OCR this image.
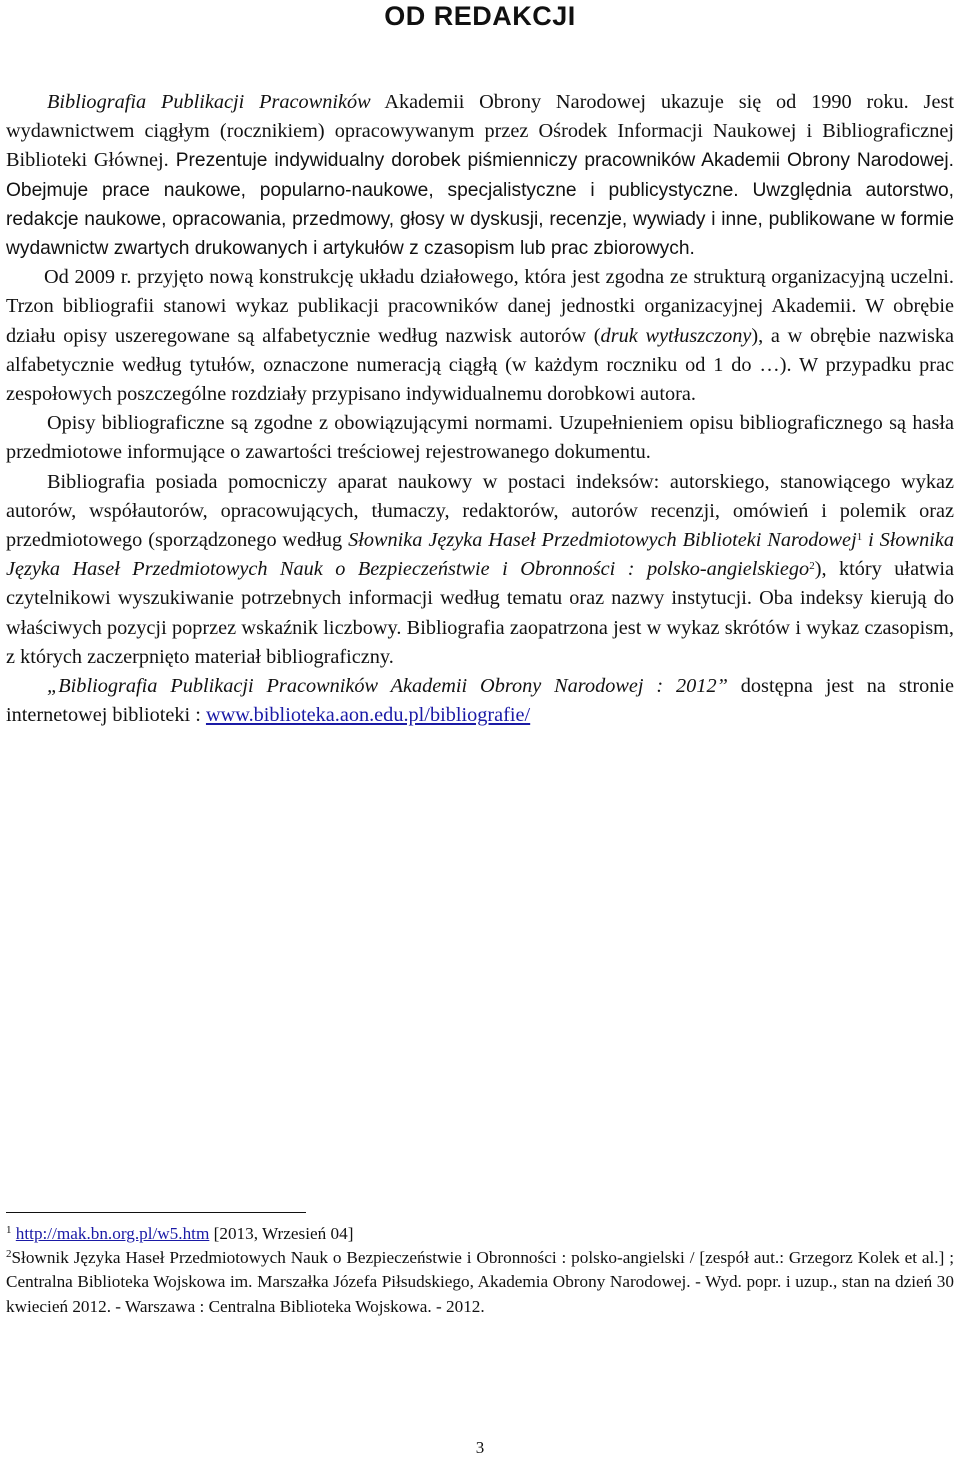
OD REDAKCJI

Bibliografia Publikacji Pracowników Akademii Obrony Narodowej ukazuje się od 1990 roku. Jest wydawnictwem ciągłym (rocznikiem) opracowywanym przez Ośrodek Informacji Naukowej i Bibliograficznej Biblioteki Głównej. Prezentuje indywidualny dorobek piśmienniczy pracowników Akademii Obrony Narodowej. Obejmuje prace naukowe, popularno-naukowe, specjalistyczne i publicystyczne. Uwzględnia autorstwo, redakcje naukowe, opracowania, przedmowy, głosy w dyskusji, recenzje, wywiady i inne, publikowane w formie wydawnictw zwartych drukowanych i artykułów z czasopism lub prac zbiorowych.

Od 2009 r. przyjęto nową konstrukcję układu działowego, która jest zgodna ze strukturą organizacyjną uczelni. Trzon bibliografii stanowi wykaz publikacji pracowników danej jednostki organizacyjnej Akademii. W obrębie działu opisy uszeregowane są alfabetycznie według nazwisk autorów (druk wytłuszczony), a w obrębie nazwiska alfabetycznie według tytułów, oznaczone numeracją ciągłą (w każdym roczniku od 1 do …). W przypadku prac zespołowych poszczególne rozdziały przypisano indywidualnemu dorobkowi autora.

Opisy bibliograficzne są zgodne z obowiązującymi normami. Uzupełnieniem opisu bibliograficznego są hasła przedmiotowe informujące o zawartości treściowej rejestrowanego dokumentu.

Bibliografia posiada pomocniczy aparat naukowy w postaci indeksów: autorskiego, stanowiącego wykaz autorów, współautorów, opracowujących, tłumaczy, redaktorów, autorów recenzji, omówień i polemik oraz przedmiotowego (sporządzonego według Słownika Języka Haseł Przedmiotowych Biblioteki Narodowej$^1$ i Słownika Języka Haseł Przedmiotowych Nauk o Bezpieczeństwie i Obronności : polsko-angielskiego$^2$), który ułatwia czytelnikowi wyszukiwanie potrzebnych informacji według tematu oraz nazwy instytucji. Oba indeksy kierują do właściwych pozycji poprzez wskaźnik liczbowy. Bibliografia zaopatrzona jest w wykaz skrótów i wykaz czasopism, z których zaczerpnięto materiał bibliograficzny.

„Bibliografia Publikacji Pracowników Akademii Obrony Narodowej : 2012” dostępna jest na stronie internetowej biblioteki : www.biblioteka.aon.edu.pl/bibliografie/

$^1$ http://mak.bn.org.pl/w5.htm [2013, Wrzesień 04]

$^2$Słownik Języka Haseł Przedmiotowych Nauk o Bezpieczeństwie i Obronności : polsko-angielski / [zespół aut.: Grzegorz Kolek et al.] ; Centralna Biblioteka Wojskowa im. Marszałka Józefa Piłsudskiego, Akademia Obrony Narodowej. - Wyd. popr. i uzup., stan na dzień 30 kwiecień 2012. - Warszawa : Centralna Biblioteka Wojskowa. - 2012.

3
